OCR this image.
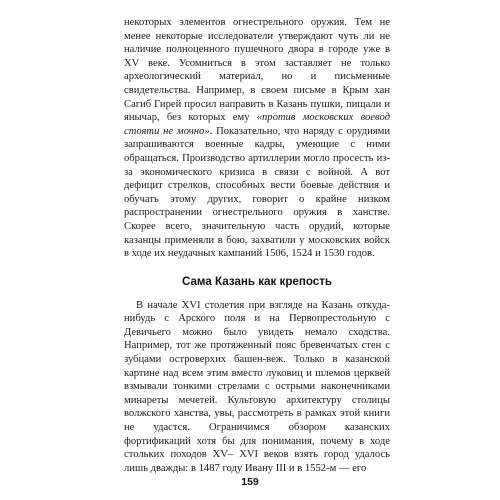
некоторых элементов огнестрельного оружия. Тем не менее некоторые исследователи утверждают чуть ли не наличие полноценного пушечного двора в городе уже в XV веке. Усомниться в этом заставляет не только археологический материал, но и письменные свидетельства. Например, в своем письме в Крым хан Сагиб Гирей просил направить в Казань пушки, пищали и янычар, без которых ему «против московских воевод стояти не мочно». Показательно, что наряду с орудиями запрашиваются военные кадры, умеющие с ними обращаться. Производство артиллерии могло просесть из-за экономического кризиса в связи с войной. А вот дефицит стрелков, способных вести боевые действия и обучать этому других, говорит о крайне низком распространении огнестрельного оружия в ханстве. Скорее всего, значительную часть орудий, которые казанцы применяли в бою, захватили у московских войск в ходе их неудачных кампаний 1506, 1524 и 1530 годов.

Сама Казань как крепость

В начале XVI столетия при взгляде на Казань откуда-нибудь с Арского поля и на Первопрестольную с Девичьего можно было увидеть немало сходства. Например, тот же протяженный пояс бревенчатых стен с зубцами островерхих башен-веж. Только в казанской картине над всем этим вместо луковиц и шлемов церквей взмывали тонкими стрелами с острыми наконечниками минареты мечетей. Культовую архитектуру столицы волжского ханства, увы, рассмотреть в рамках этой книги не удастся. Ограничимся обзором казанских фортификаций хотя бы для понимания, почему в ходе стольких походов XV– XVI веков взять город удалось лишь дважды: в 1487 году Ивану III и в 1552-м — его

159
